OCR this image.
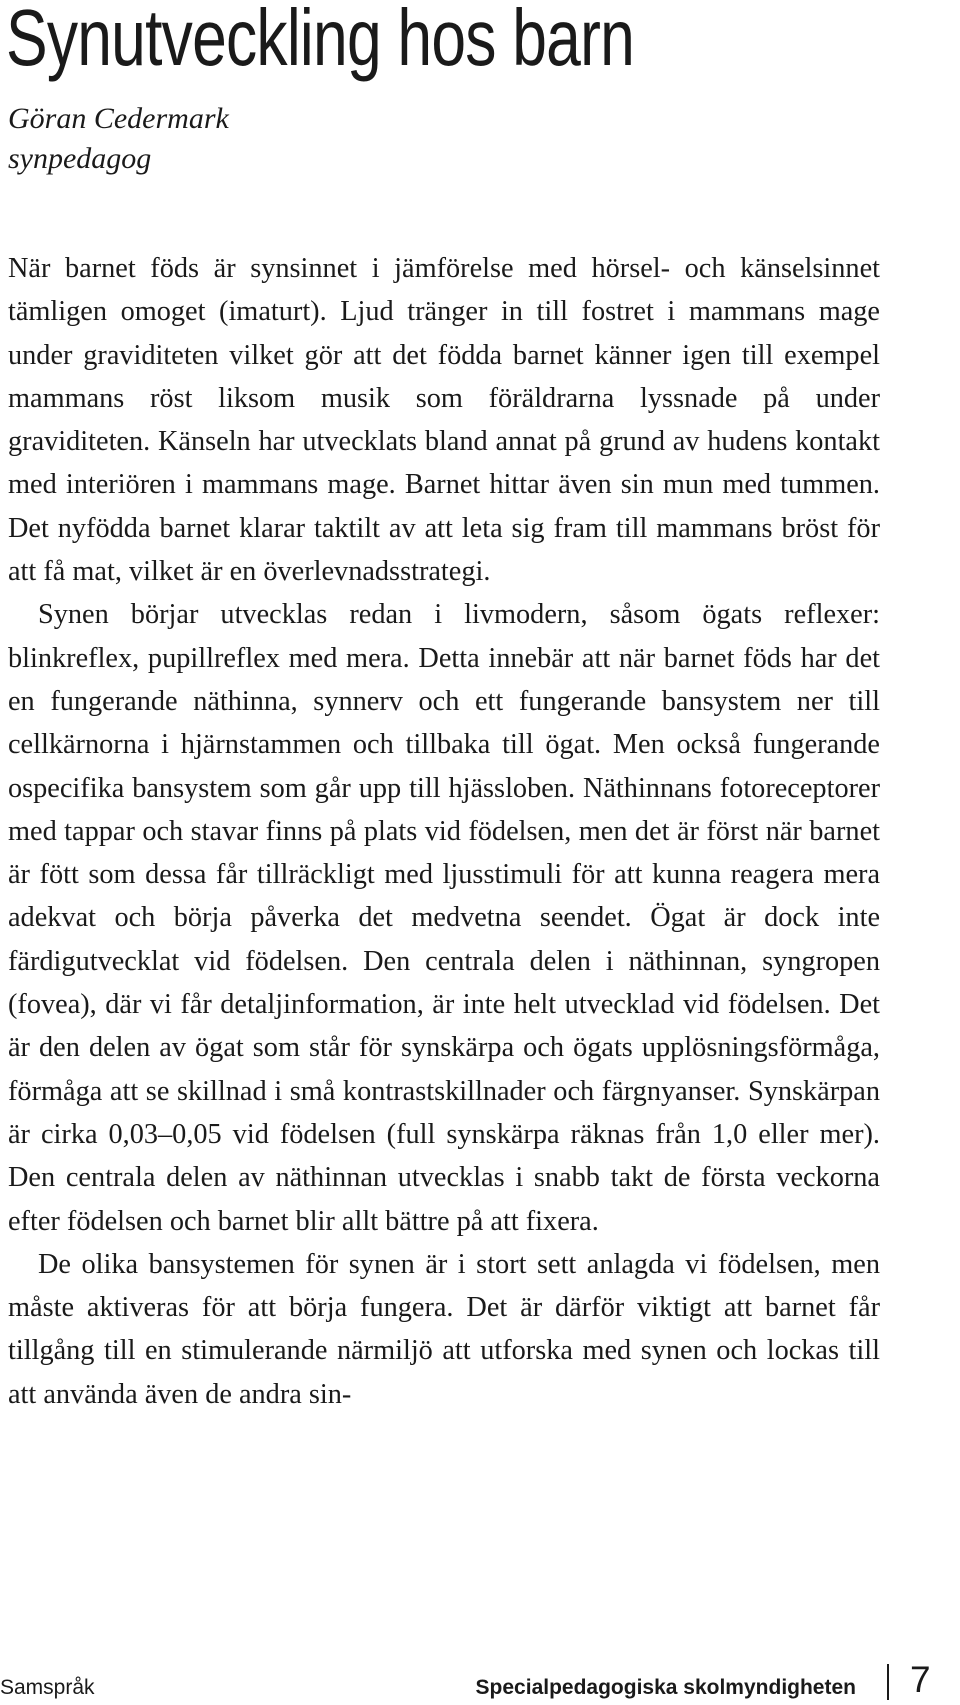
Synutveckling hos barn
Göran Cedermark
synpedagog

När barnet föds är synsinnet i jämförelse med hörsel- och känselsinnet tämligen omoget (imaturt). Ljud tränger in till fostret i mammans mage under graviditeten vilket gör att det födda barnet känner igen till exempel mammans röst liksom musik som föräldrarna lyssnade på under graviditeten. Känseln har utvecklats bland annat på grund av hudens kontakt med interiören i mammans mage. Barnet hittar även sin mun med tummen. Det nyfödda barnet klarar taktilt av att leta sig fram till mammans bröst för att få mat, vilket är en överlevnadsstrategi.

Synen börjar utvecklas redan i livmodern, såsom ögats reflexer: blinkreflex, pupillreflex med mera. Detta innebär att när barnet föds har det en fungerande näthinna, synnerv och ett fungerande bansystem ner till cellkärnorna i hjärnstammen och tillbaka till ögat. Men också fungerande ospecifika bansystem som går upp till hjässloben. Näthinnans fotoreceptorer med tappar och stavar finns på plats vid födelsen, men det är först när barnet är fött som dessa får tillräckligt med ljusstimuli för att kunna reagera mera adekvat och börja påverka det medvetna seendet. Ögat är dock inte färdigutvecklat vid födelsen. Den centrala delen i näthinnan, syngropen (fovea), där vi får detaljinformation, är inte helt utvecklad vid födelsen. Det är den delen av ögat som står för synskärpa och ögats upplösningsförmåga, förmåga att se skillnad i små kontrastskillnader och färgnyanser. Synskärpan är cirka 0,03–0,05 vid födelsen (full synskärpa räknas från 1,0 eller mer). Den centrala delen av näthinnan utvecklas i snabb takt de första veckorna efter födelsen och barnet blir allt bättre på att fixera.

De olika bansystemen för synen är i stort sett anlagda vi födelsen, men måste aktiveras för att börja fungera. Det är därför viktigt att barnet får tillgång till en stimulerande närmiljö att utforska med synen och lockas till att använda även de andra sin-

Samspråk	Specialpedagogiska skolmyndigheten 7
